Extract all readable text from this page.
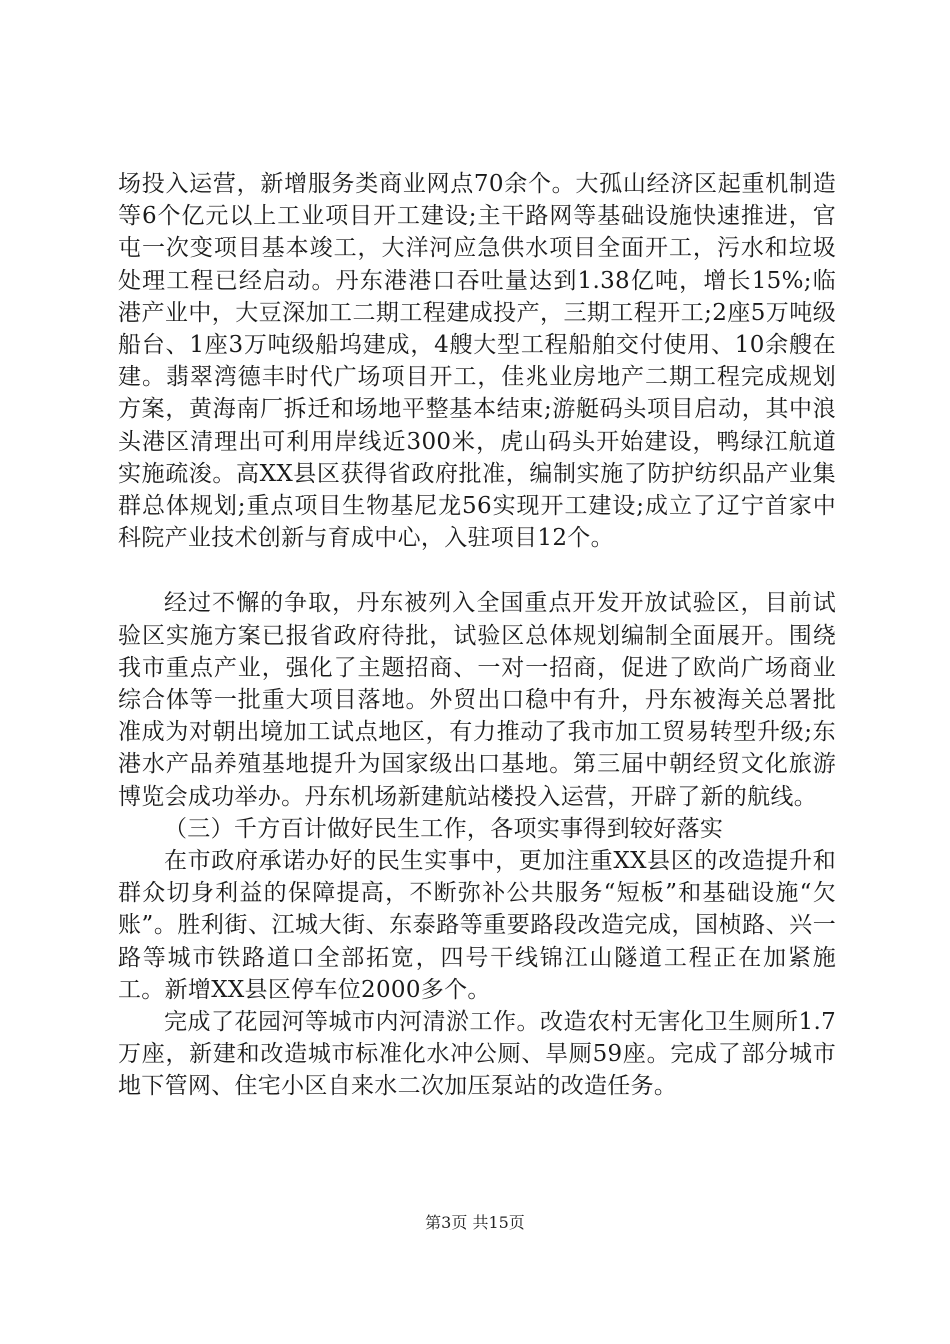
场投入运营，新增服务类商业网点70余个。大孤山经济区起重机制造等6个亿元以上工业项目开工建设;主干路网等基础设施快速推进，官屯一次变项目基本竣工，大洋河应急供水项目全面开工，污水和垃圾处理工程已经启动。丹东港港口吞吐量达到1.38亿吨，增长15%;临港产业中，大豆深加工二期工程建成投产，三期工程开工;2座5万吨级船台、1座3万吨级船坞建成，4艘大型工程船舶交付使用、10余艘在建。翡翠湾德丰时代广场项目开工，佳兆业房地产二期工程完成规划方案，黄海南厂拆迁和场地平整基本结束;游艇码头项目启动，其中浪头港区清理出可利用岸线近300米，虎山码头开始建设，鸭绿江航道实施疏浚。高XX县区获得省政府批准，编制实施了防护纺织品产业集群总体规划;重点项目生物基尼龙56实现开工建设;成立了辽宁首家中科院产业技术创新与育成中心，入驻项目12个。

经过不懈的争取，丹东被列入全国重点开发开放试验区，目前试验区实施方案已报省政府待批，试验区总体规划编制全面展开。围绕我市重点产业，强化了主题招商、一对一招商，促进了欧尚广场商业综合体等一批重大项目落地。外贸出口稳中有升，丹东被海关总署批准成为对朝出境加工试点地区，有力推动了我市加工贸易转型升级;东港水产品养殖基地提升为国家级出口基地。第三届中朝经贸文化旅游博览会成功举办。丹东机场新建航站楼投入运营，开辟了新的航线。

（三）千方百计做好民生工作，各项实事得到较好落实

在市政府承诺办好的民生实事中，更加注重XX县区的改造提升和群众切身利益的保障提高，不断弥补公共服务“短板”和基础设施“欠账”。胜利街、江城大街、东泰路等重要路段改造完成，国桢路、兴一路等城市铁路道口全部拓宽，四号干线锦江山隧道工程正在加紧施工。新增XX县区停车位2000多个。

完成了花园河等城市内河清淤工作。改造农村无害化卫生厕所1.7万座，新建和改造城市标准化水冲公厕、旱厕59座。完成了部分城市地下管网、住宅小区自来水二次加压泵站的改造任务。

第3页 共15页
